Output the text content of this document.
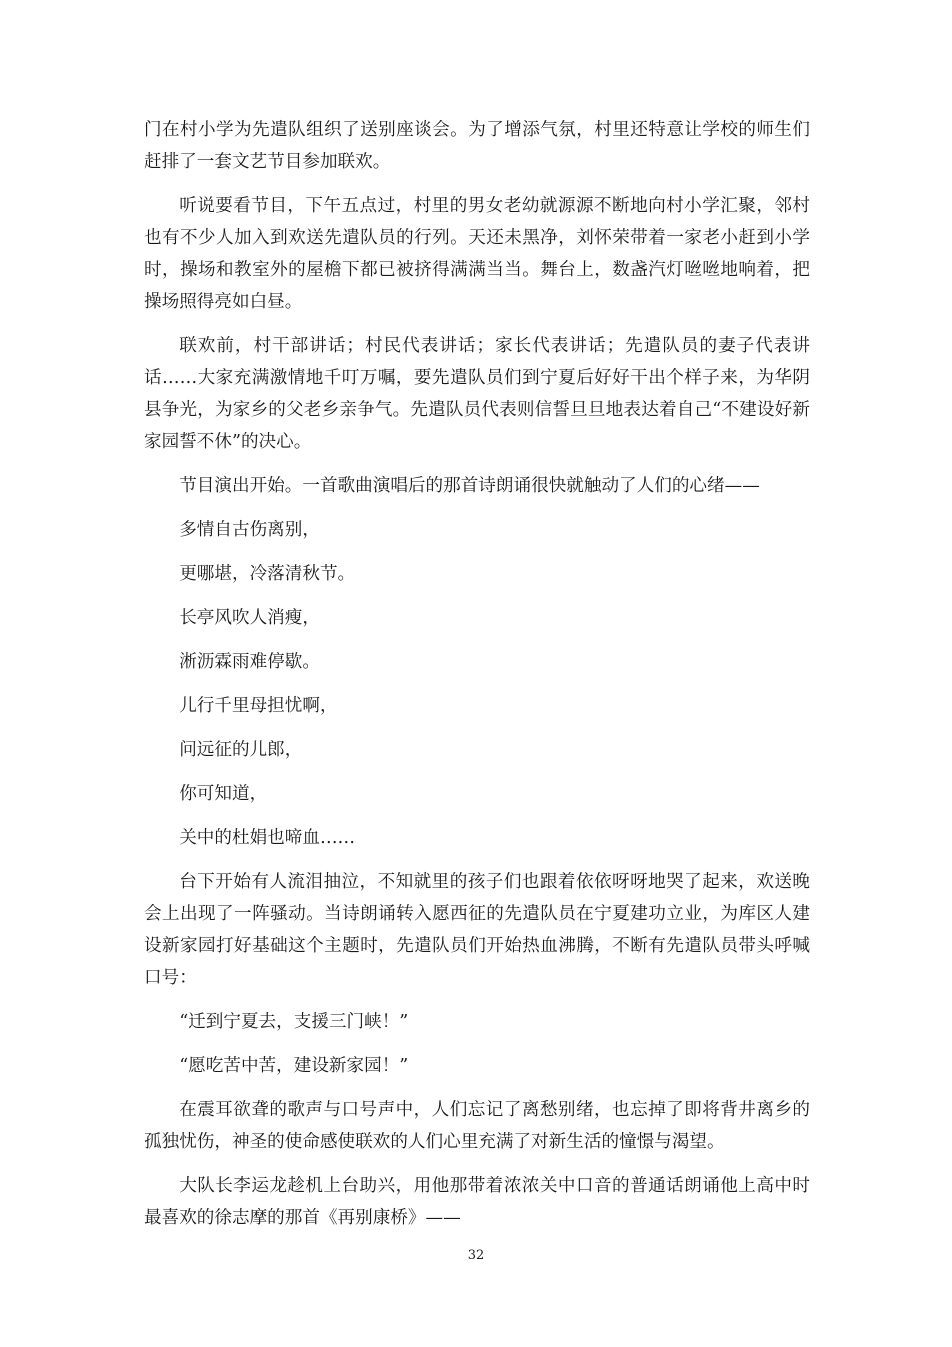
门在村小学为先遣队组织了送别座谈会。为了增添气氛，村里还特意让学校的师生们赶排了一套文艺节目参加联欢。

听说要看节目，下午五点过，村里的男女老幼就源源不断地向村小学汇聚，邻村也有不少人加入到欢送先遣队员的行列。天还未黑净，刘怀荣带着一家老小赶到小学时，操场和教室外的屋檐下都已被挤得满满当当。舞台上，数盏汽灯咝咝地响着，把操场照得亮如白昼。

联欢前，村干部讲话；村民代表讲话；家长代表讲话；先遣队员的妻子代表讲话……大家充满激情地千叮万嘱，要先遣队员们到宁夏后好好干出个样子来，为华阴县争光，为家乡的父老乡亲争气。先遣队员代表则信誓旦旦地表达着自己“不建设好新家园誓不休”的决心。

节目演出开始。一首歌曲演唱后的那首诗朗诵很快就触动了人们的心绪——

多情自古伤离别，

更哪堪，冷落清秋节。

长亭风吹人消瘦，

淅沥霖雨难停歇。

儿行千里母担忧啊，

问远征的儿郎，

你可知道，

关中的杜娟也啼血……

台下开始有人流泪抽泣，不知就里的孩子们也跟着依依呀呀地哭了起来，欢送晚会上出现了一阵骚动。当诗朗诵转入愿西征的先遣队员在宁夏建功立业，为库区人建设新家园打好基础这个主题时，先遣队员们开始热血沸腾，不断有先遣队员带头呼喊口号：

“迁到宁夏去，支援三门峡！”

“愿吃苦中苦，建设新家园！”

在震耳欲聋的歌声与口号声中，人们忘记了离愁别绪，也忘掉了即将背井离乡的孤独忧伤，神圣的使命感使联欢的人们心里充满了对新生活的憧憬与渴望。

大队长李运龙趁机上台助兴，用他那带着浓浓关中口音的普通话朗诵他上高中时最喜欢的徐志摩的那首《再别康桥》——

32
